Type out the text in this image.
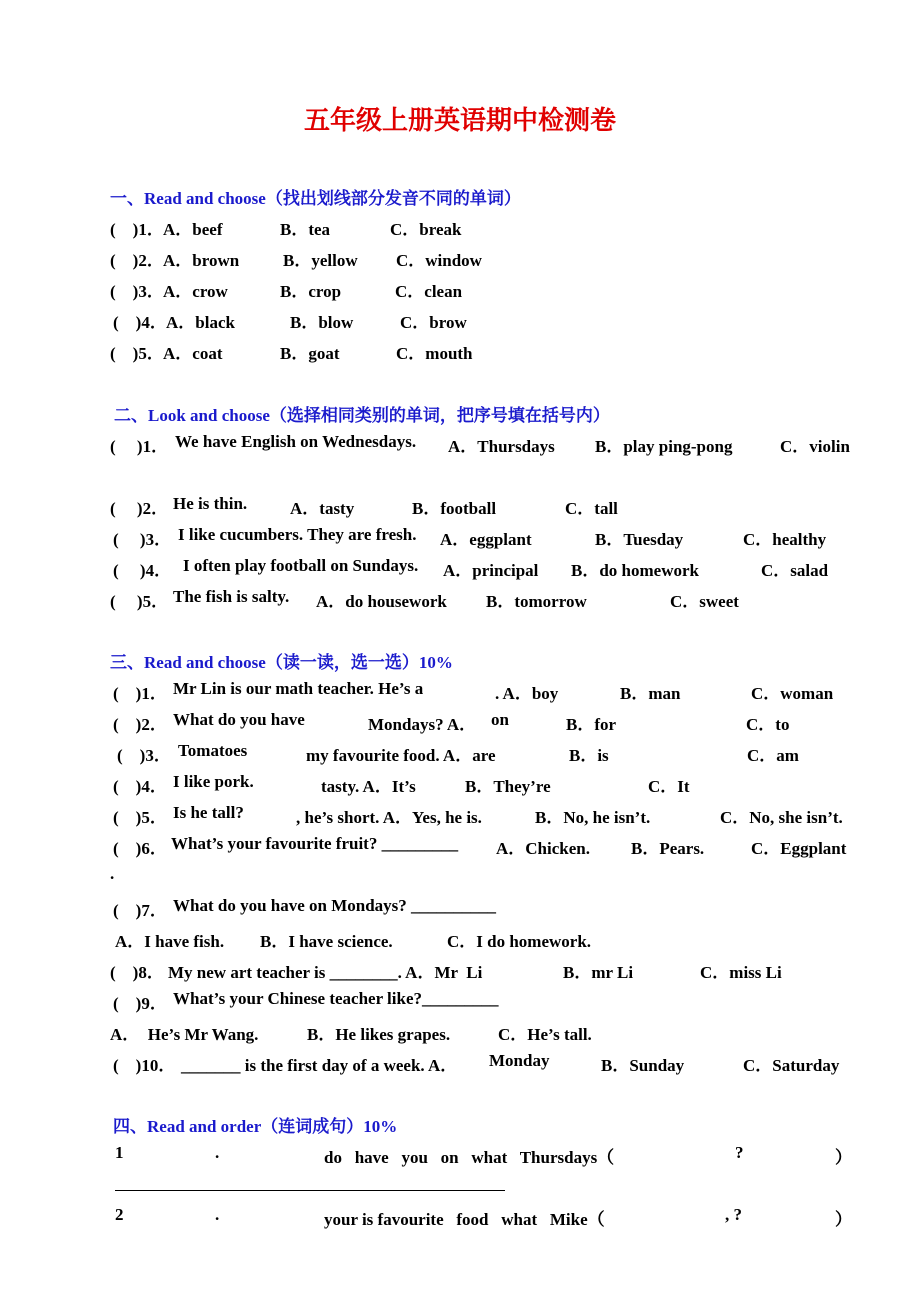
五年级上册英语期中检测卷
一、Read and choose（找出划线部分发音不同的单词）
(　)1． A．beef	B．tea	C．break
(　)2． A．brown	B．yellow C．window
(　)3． A．crow	B．crop	C．clean
(　)4． A．black	B．blow	C．brow
(　)5． A．coat	B．goat	C．mouth
二、Look and choose（选择相同类别的单词，把序号填在括号内）
(　 )1． We have English on Wednesdays. A．Thursdays B．play ping-pong	C．violin
(　 )2． He is thin.	A．tasty	B．football	C．tall
(　 )3． I like cucumbers. They are fresh. A．eggplant	B．Tuesday	C．healthy
(　 )4． I often play football on Sundays. A．principal B．do homework	C．salad
(　 )5． The fish is salty. A．do housework B．tomorrow	C．sweet
三、Read and choose（读一读，选一选）10%
(　)1． Mr Lin is our math teacher. He’s a	. A．boy	B．man	C．woman
(　)2． What do you have	Mondays? A． on	B．for	C．to
(　)3． Tomatoes	my favourite food. A．are	B．is	C．am
(　)4． I like pork.	tasty. A．It’s	B．They’re	C．It
(　)5． Is he tall?	, he’s short. A．Yes, he is.	B．No, he isn’t.	C．No, she isn’t.
(　)6． What’s your favourite fruit? _________ A．Chicken. B．Pears.	C．Eggplant
.
(　)7． What do you have on Mondays? __________
A．I have fish. B．I have science.	C．I do homework.
(　)8． My new art teacher is ________. A．Mr  Li	B．mr Li	C．miss Li
(　)9． What’s your Chinese teacher like?_________
A．  He’s Mr Wang.	B．He likes grapes.	C．He’s tall.
(　)10． _______ is the first day of a week. A． Monday	B．Sunday	C．Saturday
四、Read and order（连词成句）10%
1	.	do   have   you   on   what   Thursdays（	?	）
2	.	your is favourite   food   what   Mike（	, ?	）
